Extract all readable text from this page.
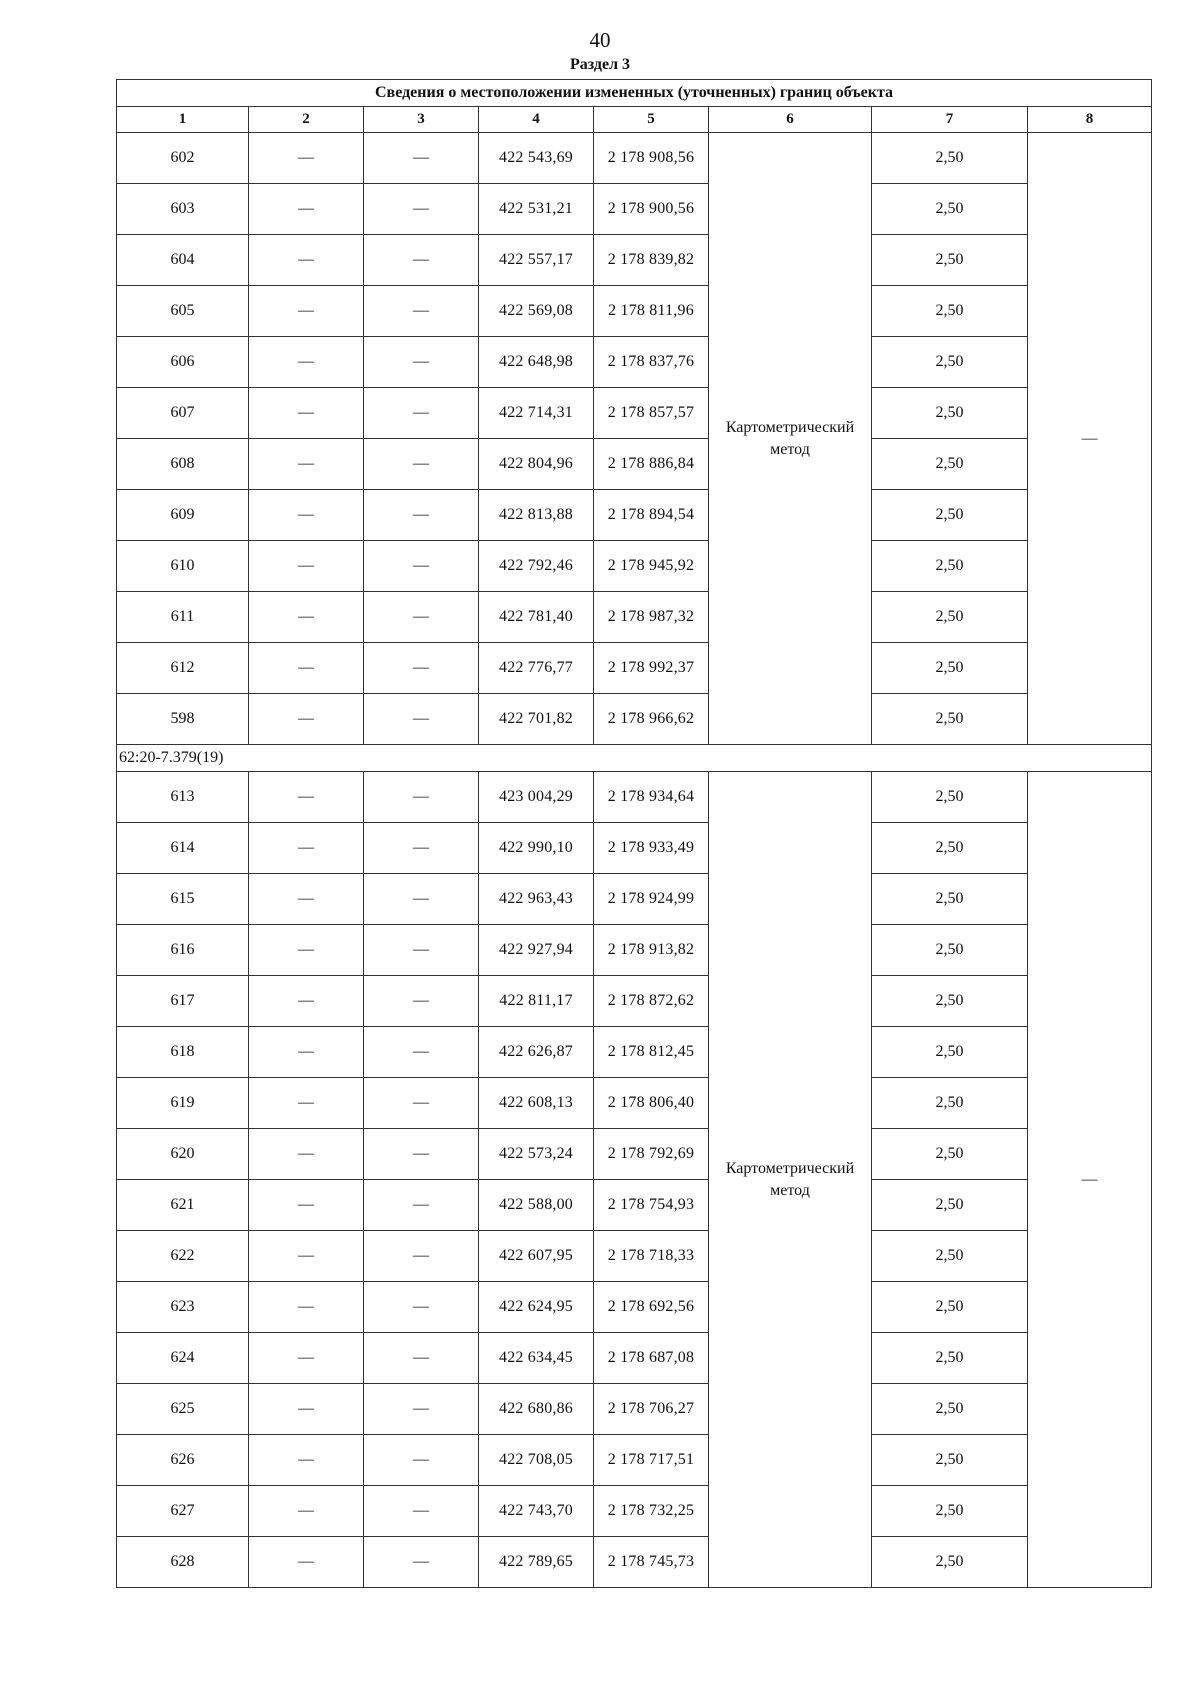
40
Раздел 3
Сведения о местоположении измененных (уточненных) границ объекта							
1	2	3	4	5	6	7	8
602	—	—	422 543,69	2 178 908,56	Картометрический метод	2,50	—
603	—	—	422 531,21	2 178 900,56		2,50	
604	—	—	422 557,17	2 178 839,82		2,50	
605	—	—	422 569,08	2 178 811,96		2,50	
606	—	—	422 648,98	2 178 837,76		2,50	
607	—	—	422 714,31	2 178 857,57		2,50	
608	—	—	422 804,96	2 178 886,84		2,50	
609	—	—	422 813,88	2 178 894,54		2,50	
610	—	—	422 792,46	2 178 945,92		2,50	
611	—	—	422 781,40	2 178 987,32		2,50	
612	—	—	422 776,77	2 178 992,37		2,50	
598	—	—	422 701,82	2 178 966,62		2,50	
62:20-7.379(19)							
613	—	—	423 004,29	2 178 934,64	Картометрический метод	2,50	—
614	—	—	422 990,10	2 178 933,49		2,50	
615	—	—	422 963,43	2 178 924,99		2,50	
616	—	—	422 927,94	2 178 913,82		2,50	
617	—	—	422 811,17	2 178 872,62		2,50	
618	—	—	422 626,87	2 178 812,45		2,50	
619	—	—	422 608,13	2 178 806,40		2,50	
620	—	—	422 573,24	2 178 792,69		2,50	
621	—	—	422 588,00	2 178 754,93		2,50	
622	—	—	422 607,95	2 178 718,33		2,50	
623	—	—	422 624,95	2 178 692,56		2,50	
624	—	—	422 634,45	2 178 687,08		2,50	
625	—	—	422 680,86	2 178 706,27		2,50	
626	—	—	422 708,05	2 178 717,51		2,50	
627	—	—	422 743,70	2 178 732,25		2,50	
628	—	—	422 789,65	2 178 745,73		2,50	
